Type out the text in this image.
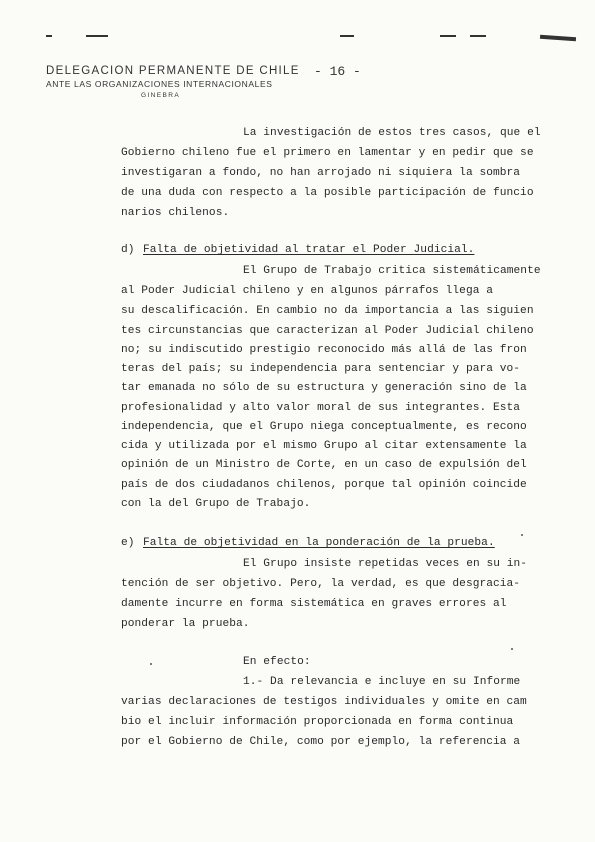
DELEGACION PERMANENTE DE CHILE
ANTE LAS ORGANIZACIONES INTERNACIONALES
GINEBRA
- 16 -
La investigación de estos tres casos, que el
Gobierno chileno fue el primero en lamentar y en pedir que se
investigaran a fondo, no han arrojado ni siquiera la sombra
de una duda con respecto a la posible participación de funcio
narios chilenos.
d) Falta de objetividad al tratar el Poder Judicial.
El Grupo de Trabajo critica sistemáticamente
al Poder Judicial chileno y en algunos párrafos llega a
su descalificación. En cambio no da importancia a las siguien
tes circunstancias que caracterizan al Poder Judicial chileno
no; su indiscutido prestigio reconocido más allá de las fron
teras del país; su independencia para sentenciar y para vo-
tar emanada no sólo de su estructura y generación sino de la
profesionalidad y alto valor moral de sus integrantes. Esta
independencia, que el Grupo niega conceptualmente, es recono
cida y utilizada por el mismo Grupo al citar extensamente la
opinión de un Ministro de Corte, en un caso de expulsión del
país de dos ciudadanos chilenos, porque tal opinión coincide
con la del Grupo de Trabajo.
e) Falta de objetividad en la ponderación de la prueba.
El Grupo insiste repetidas veces en su in-
tención de ser objetivo. Pero, la verdad, es que desgracia-
damente incurre en forma sistemática en graves errores al
ponderar la prueba.
En efecto:
1.- Da relevancia e incluye en su Informe
varias declaraciones de testigos individuales y omite en cam
bio el incluir información proporcionada en forma continua
por el Gobierno de Chile, como por ejemplo, la referencia a
